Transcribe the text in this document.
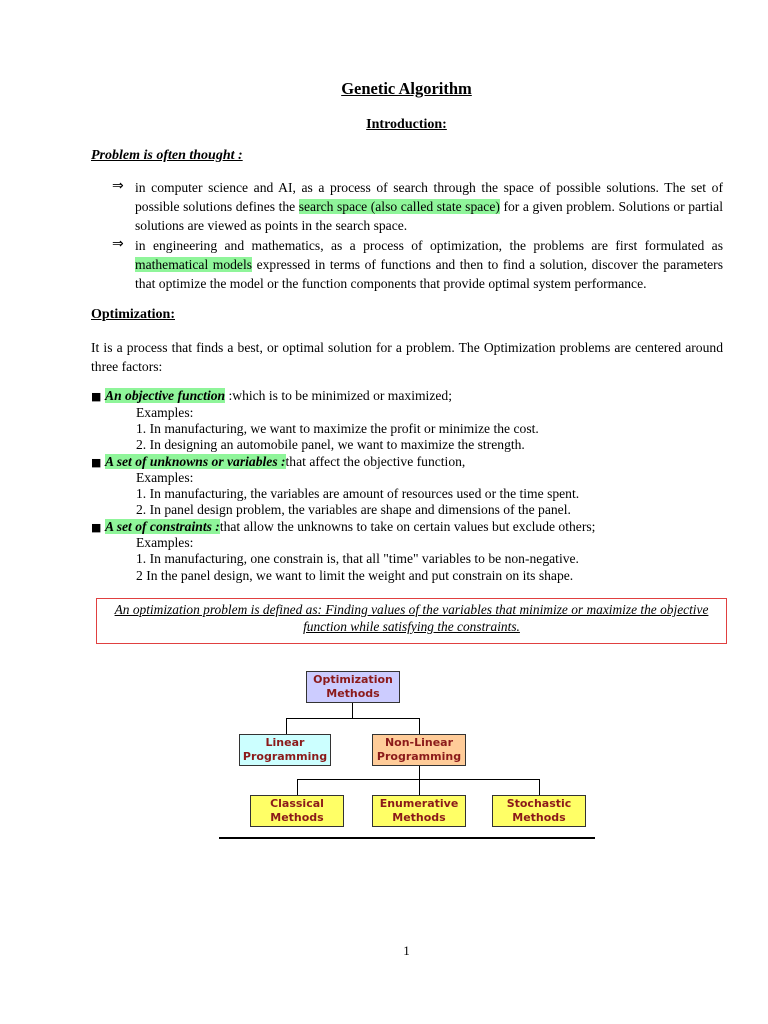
Genetic Algorithm
Introduction:
Problem is often thought :
⇒ in computer science and AI, as a process of search through the space of possible solutions. The set of possible solutions defines the search space (also called state space) for a given problem. Solutions or partial solutions are viewed as points in the search space.
⇒ in engineering and mathematics, as a process of optimization, the problems are first formulated as mathematical models expressed in terms of functions and then to find a solution, discover the parameters that optimize the model or the function components that provide optimal system performance.
Optimization:
It is a process that finds a best, or optimal solution for a problem. The Optimization problems are centered around three factors:
■ An objective function :which is to be minimized or maximized;
Examples:
1. In manufacturing, we want to maximize the profit or minimize the cost.
2. In designing an automobile panel, we want to maximize the strength.
■ A set of unknowns or variables :that affect the objective function,
Examples:
1. In manufacturing, the variables are amount of resources used or the time spent.
2. In panel design problem, the variables are shape and dimensions of the panel.
■ A set of constraints :that allow the unknowns to take on certain values but exclude others;
Examples:
1. In manufacturing, one constrain is, that all "time" variables to be non-negative.
2 In the panel design, we want to limit the weight and put constrain on its shape.
An optimization problem is defined as: Finding values of the variables that minimize or maximize the objective
function while satisfying the constraints.
Optimization
Methods
Linear
Programming
Non-Linear
Programming
Classical
Methods
Enumerative
Methods
Stochastic
Methods
1
